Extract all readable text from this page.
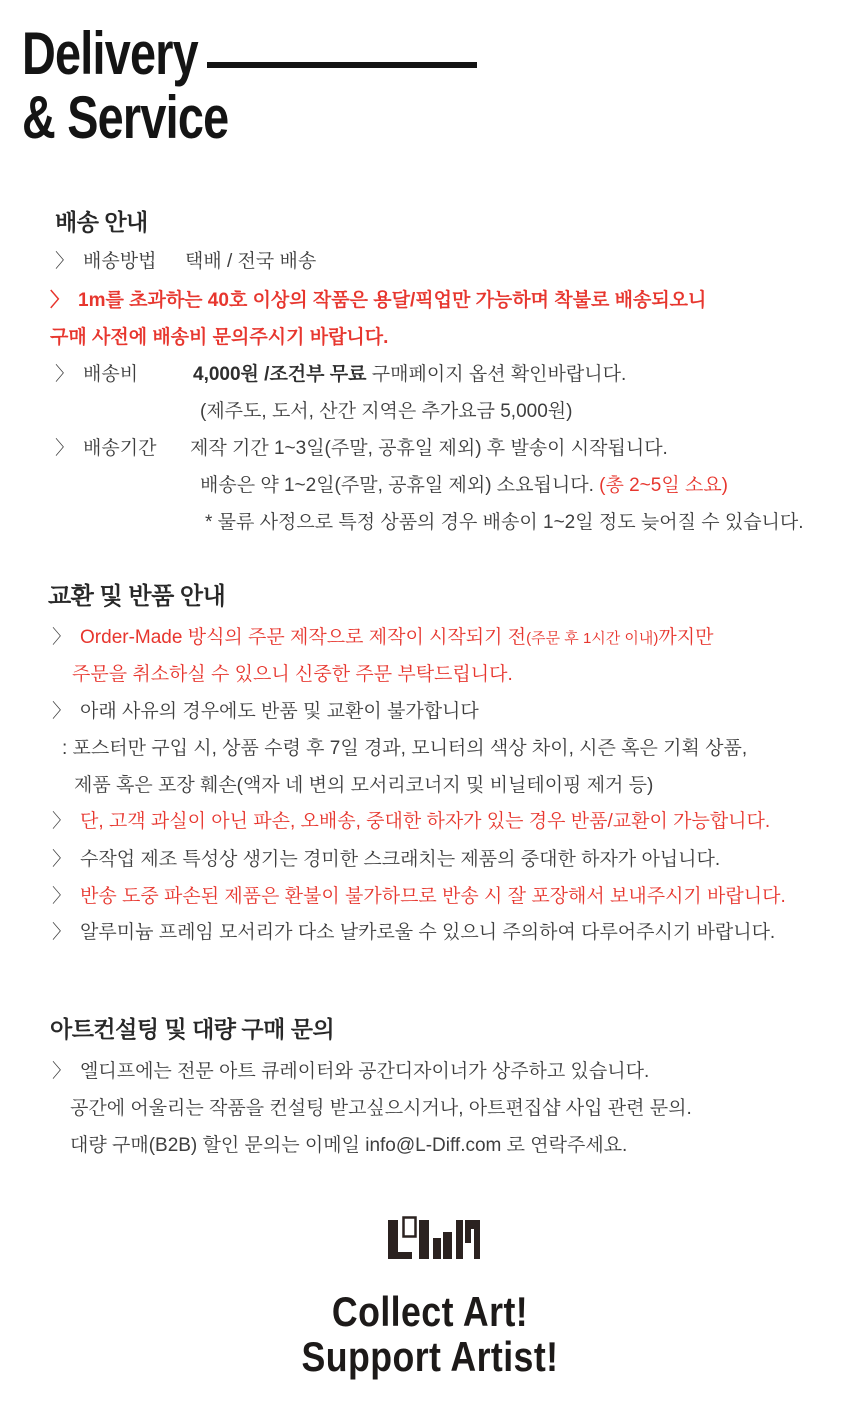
Delivery
& Service
배송 안내
〉 배송방법 택배 / 전국 배송
〉 1m를 초과하는 40호 이상의 작품은 용달/픽업만 가능하며 착불로 배송되오니
구매 사전에 배송비 문의주시기 바랍니다.
〉 배송비	4,000원 /조건부 무료 구매페이지 옵션 확인바랍니다.
(제주도, 도서, 산간 지역은 추가요금 5,000원)
〉 배송기간 제작 기간 1~3일(주말, 공휴일 제외) 후 발송이 시작됩니다.
배송은 약 1~2일(주말, 공휴일 제외) 소요됩니다. (총 2~5일 소요)
* 물류 사정으로 특정 상품의 경우 배송이 1~2일 정도 늦어질 수 있습니다.
교환 및 반품 안내
〉 Order-Made 방식의 주문 제작으로 제작이 시작되기 전(주문 후 1시간 이내)까지만
주문을 취소하실 수 있으니 신중한 주문 부탁드립니다.
〉 아래 사유의 경우에도 반품 및 교환이 불가합니다
: 포스터만 구입 시, 상품 수령 후 7일 경과, 모니터의 색상 차이, 시즌 혹은 기획 상품,
제품 혹은 포장 훼손(액자 네 변의 모서리코너지 및 비닐테이핑 제거 등)
〉 단, 고객 과실이 아닌 파손, 오배송, 중대한 하자가 있는 경우 반품/교환이 가능합니다.
〉 수작업 제조 특성상 생기는 경미한 스크래치는 제품의 중대한 하자가 아닙니다.
〉 반송 도중 파손된 제품은 환불이 불가하므로 반송 시 잘 포장해서 보내주시기 바랍니다.
〉 알루미늄 프레임 모서리가 다소 날카로울 수 있으니 주의하여 다루어주시기 바랍니다.
아트컨설팅 및 대량 구매 문의
〉 엘디프에는 전문 아트 큐레이터와 공간디자이너가 상주하고 있습니다.
공간에 어울리는 작품을 컨설팅 받고싶으시거나, 아트편집샵 사입 관련 문의.
대량 구매(B2B) 할인 문의는 이메일 info@L-Diff.com 로 연락주세요.
Collect Art!
Support Artist!
